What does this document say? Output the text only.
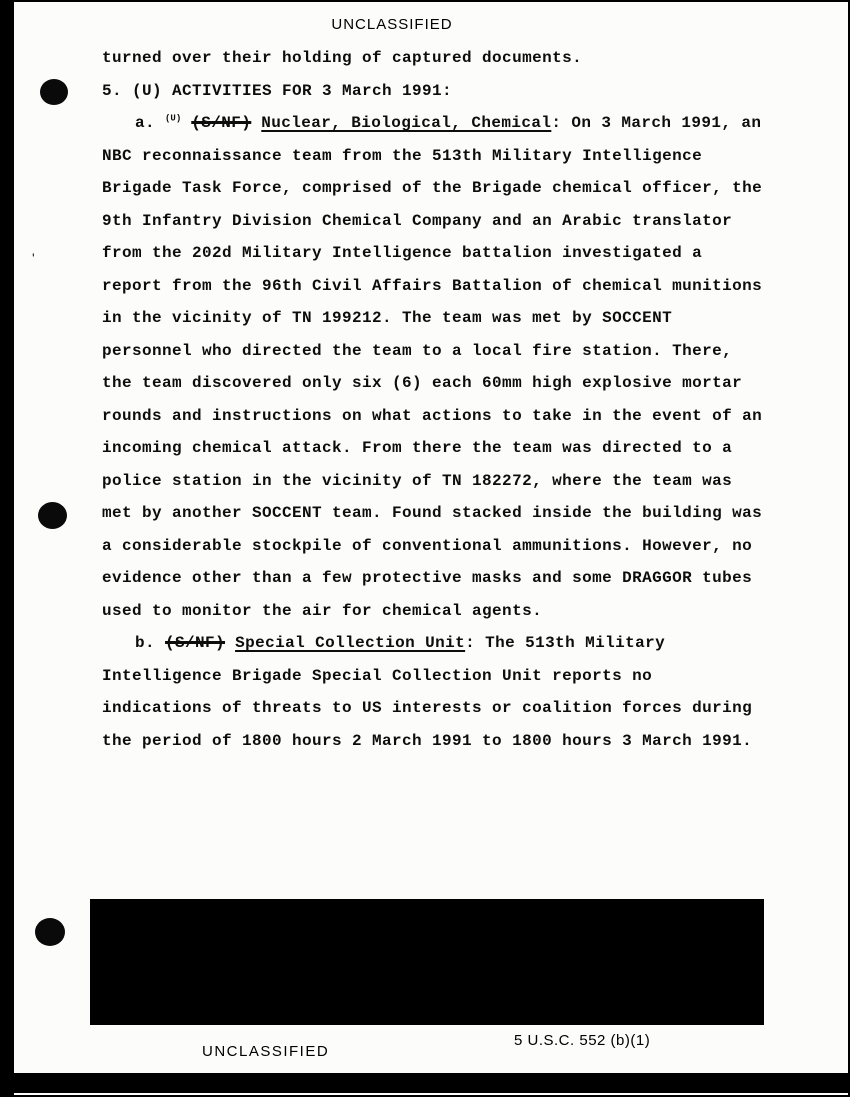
'
UNCLASSIFIED

turned over their holding of captured documents.

5. (U) ACTIVITIES FOR 3 March 1991:

a. $^{(U)}$ (S/NF) Nuclear, Biological, Chemical: On 3 March 1991, an NBC reconnaissance team from the 513th Military Intelligence Brigade Task Force, comprised of the Brigade chemical officer, the 9th Infantry Division Chemical Company and an Arabic translator from the 202d Military Intelligence battalion investigated a report from the 96th Civil Affairs Battalion of chemical munitions in the vicinity of TN 199212. The team was met by SOCCENT personnel who directed the team to a local fire station. There, the team discovered only six (6) each 60mm high explosive mortar rounds and instructions on what actions to take in the event of an incoming chemical attack. From there the team was directed to a police station in the vicinity of TN 182272, where the team was met by another SOCCENT team. Found stacked inside the building was a considerable stockpile of conventional ammunitions. However, no evidence other than a few protective masks and some DRAGGOR tubes used to monitor the air for chemical agents.

b. (S/NF) Special Collection Unit: The 513th Military Intelligence Brigade Special Collection Unit reports no indications of threats to US interests or coalition forces during the period of 1800 hours 2 March 1991 to 1800 hours 3 March 1991.

UNCLASSIFIED
5 U.S.C. 552 (b)(1)
